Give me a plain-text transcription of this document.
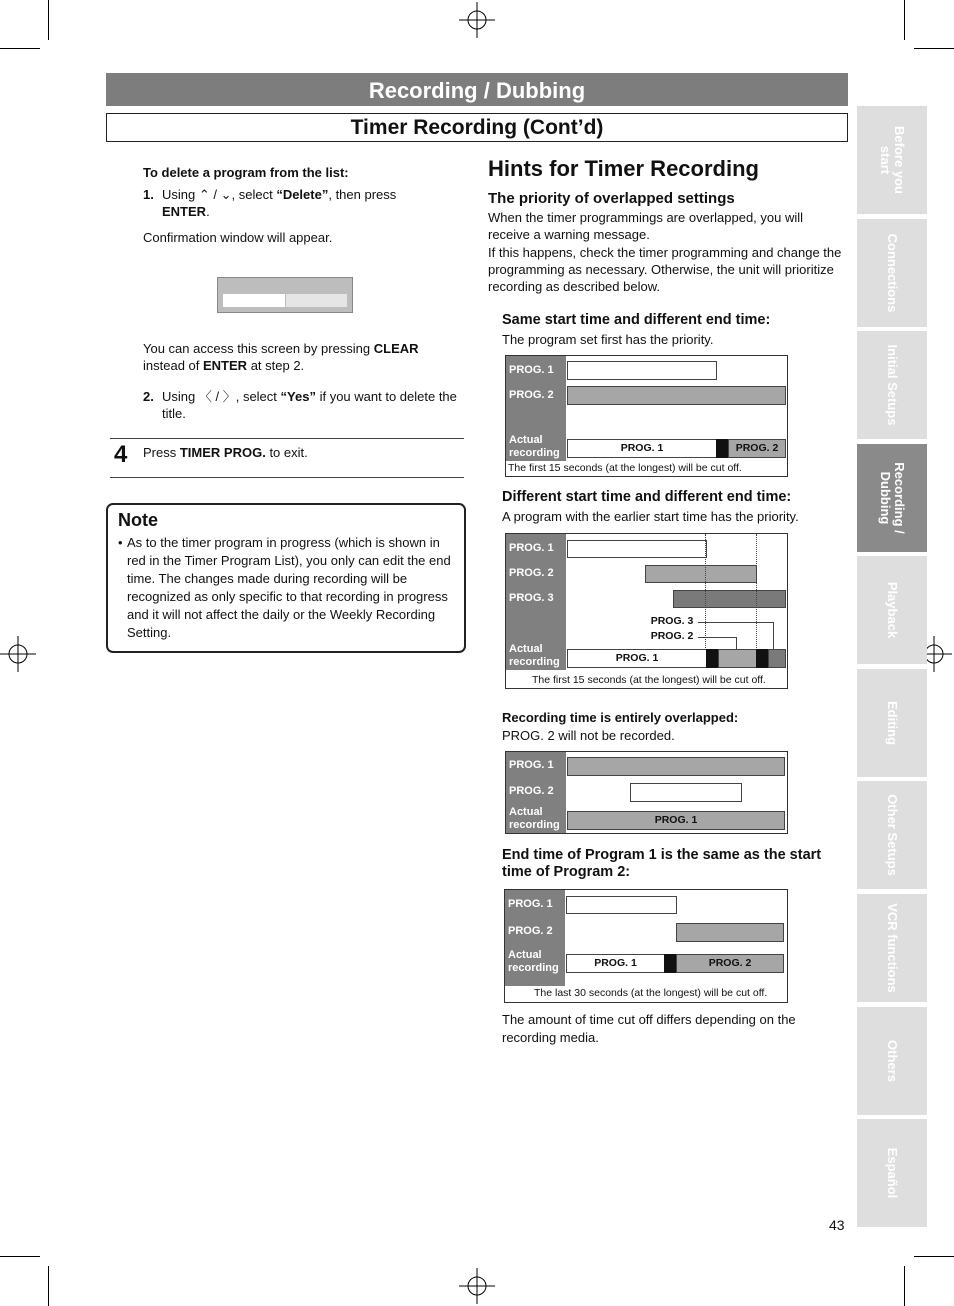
Recording / Dubbing
Timer Recording (Cont’d)	Before you
start
Connections
Initial Setups
Recording /
Dubbing
Playback
Editing
Other Setups
VCR functions
Others
Español
To delete a program from the list:
1. Using ⌃ / ⌄, select “Delete”, then press
ENTER.
Confirmation window will appear.
You can access this screen by pressing CLEAR
instead of ENTER at step 2.
2. Using 〈 / 〉, select “Yes” if you want to delete the title.
4 Press TIMER PROG. to exit.
Note
• As to the timer program in progress (which is shown in red in the Timer Program List), you only can edit the end time. The changes made during recording will be recognized as only specific to that recording in progress and it will not affect the daily or the Weekly Recording Setting.
Hints for Timer Recording
The priority of overlapped settings
When the timer programmings are overlapped, you will receive a warning message.
If this happens, check the timer programming and change the programming as necessary. Otherwise, the unit will prioritize recording as described below.
Same start time and different end time:
The program set first has the priority.
PROG. 1
PROG. 2
Actual
recording	PROG. 1	PROG. 2
The first 15 seconds (at the longest) will be cut off.
Different start time and different end time:
A program with the earlier start time has the priority.
PROG. 1
PROG. 2
PROG. 3
Actual
recording
PROG. 3
PROG. 2
PROG. 1
The first 15 seconds (at the longest) will be cut off.
Recording time is entirely overlapped:
PROG. 2 will not be recorded.
PROG. 1
PROG. 2
Actual
recording	PROG. 1
End time of Program 1 is the same as the start time of Program 2:
PROG. 1
PROG. 2
Actual
recording	PROG. 1	PROG. 2
The last 30 seconds (at the longest) will be cut off.
The amount of time cut off differs depending on the recording media.
43
